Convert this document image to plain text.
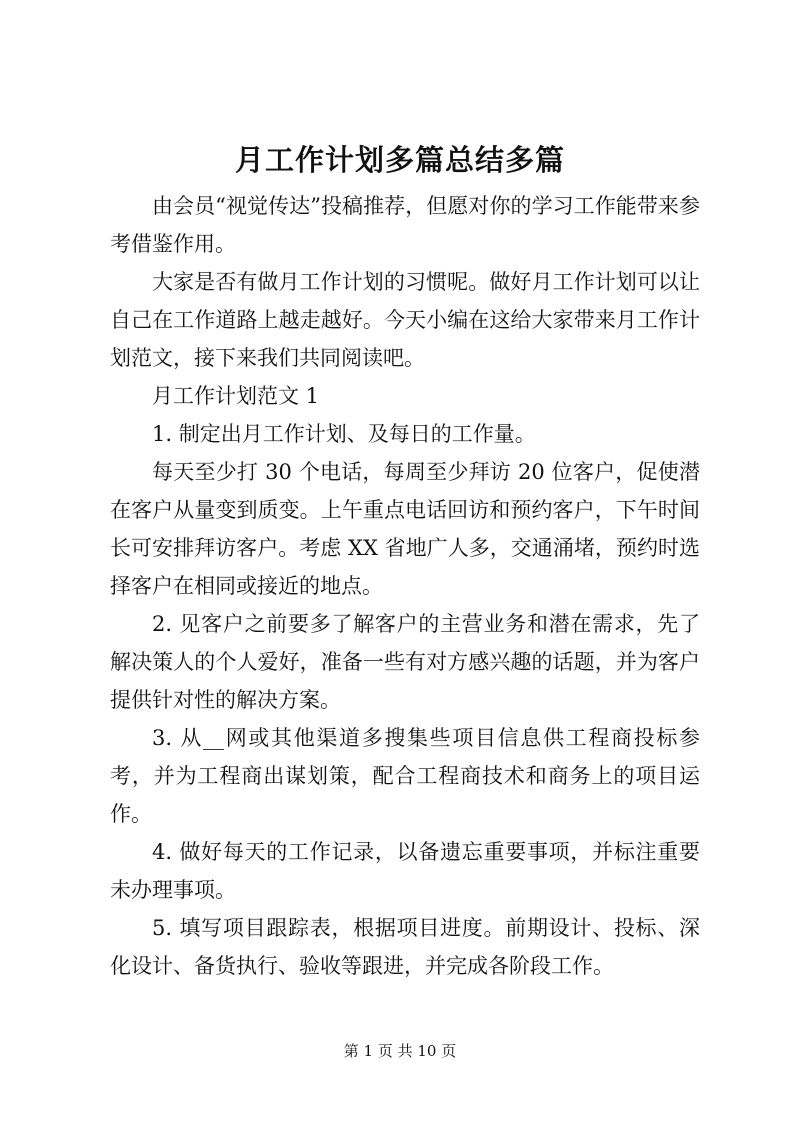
月工作计划多篇总结多篇

由会员“视觉传达”投稿推荐，但愿对你的学习工作能带来参考借鉴作用。

大家是否有做月工作计划的习惯呢。做好月工作计划可以让自己在工作道路上越走越好。今天小编在这给大家带来月工作计划范文，接下来我们共同阅读吧。

月工作计划范文 1

1. 制定出月工作计划、及每日的工作量。

每天至少打 30 个电话，每周至少拜访 20 位客户，促使潜在客户从量变到质变。上午重点电话回访和预约客户，下午时间长可安排拜访客户。考虑 XX 省地广人多，交通涌堵，预约时选择客户在相同或接近的地点。

2. 见客户之前要多了解客户的主营业务和潜在需求，先了解决策人的个人爱好，准备一些有对方感兴趣的话题，并为客户提供针对性的解决方案。

3. 从__网或其他渠道多搜集些项目信息供工程商投标参考，并为工程商出谋划策，配合工程商技术和商务上的项目运作。

4. 做好每天的工作记录，以备遗忘重要事项，并标注重要未办理事项。

5. 填写项目跟踪表，根据项目进度。前期设计、投标、深化设计、备货执行、验收等跟进，并完成各阶段工作。

第 1 页 共 10 页
